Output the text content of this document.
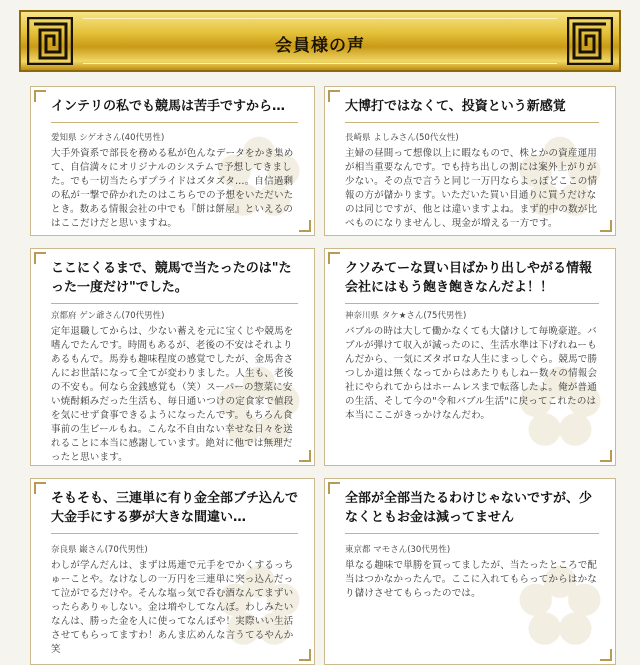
会員様の声
インテリの私でも競馬は苦手ですから…
愛知県 シゲオさん(40代男性)
大手外資系で部長を務める私が色んなデータをかき集めて、自信満々にオリジナルのシステムで予想してきました。でも一切当たらずプライドはズタズタ…。自信過剰の私が一撃で砕かれたのはこちらでの予想をいただいたとき。数ある情報会社の中でも『餅は餅屋』といえるのはここだけだと思いますね。
大博打ではなくて、投資という新感覚
長崎県 よしみさん(50代女性)
主婦の昼間って想像以上に暇なもので、株とかの資産運用が相当重要なんです。でも持ち出しの割には案外上がりが少ない。その点で言うと同じ一万円ならよっぽどここの情報の方が儲かります。いただいた買い目通りに買うだけなのは同じですが、他とは違いますよね。まず的中の数が比べものになりませんし、現金が増える一方です。
ここにくるまで、競馬で当たったのは"たった一度だけ"でした。
京都府 ゲン爺さん(70代男性)
定年退職してからは、少ない蓄えを元に宝くじや競馬を嗜んでたんです。時間もあるが、老後の不安はそれよりあるもんで。馬券も趣味程度の感覚でしたが、金馬舎さんにお世話になって全てが変わりました。人生も、老後の不安も。何なら金銭感覚も（笑）スーパーの惣菜に安い焼酎頼みだった生活も、毎日通いつけの定食家で値段を気にせず食事できるようになったんです。もちろん食事前の生ビールもね。こんな不自由ない幸せな日々を送れることに本当に感謝しています。絶対に他では無理だったと思います。
クソみてーな買い目ばかり出しやがる情報会社にはもう飽き飽きなんだよ！！
神奈川県 タケ★さん(75代男性)
バブルの時は大して働かなくても大儲けして毎晩豪遊。バブルが弾けて収入が減ったのに、生活水準は下げれねーもんだから、一気にズタボロな人生にまっしぐら。競馬で勝つしか道は無くなってからはあたりもしねー数々の情報会社にやられてからはホームレスまで転落したよ。俺が普通の生活、そして今の"令和バブル生活"に戻ってこれたのは本当にここがきっかけなんだわ。
そもそも、三連単に有り金全部ブチ込んで大金手にする夢が大きな間違い…
奈良県 巌さん(70代男性)
わしが学んだんは、まずは馬連で元手をでかくするっちゅーことや。なけなしの一万円を三連単に突っ込んだって泣がでるだけや。そんな塩っ気で呑む酒なんてまずいったらありゃしない。金は増やしてなんぼ。わしみたいなんは、勝った金を人に使ってなんぼや！実際いい生活させてもらってますわ！あんま広めんな言うてるやんか笑
全部が全部当たるわけじゃないですが、少なくともお金は減ってません
東京都 マモさん(30代男性)
単なる趣味で単勝を買ってましたが、当たったところで配当はつかなかったんで。ここに入れてもらってからはかなり儲けさせてもらったのでは。
